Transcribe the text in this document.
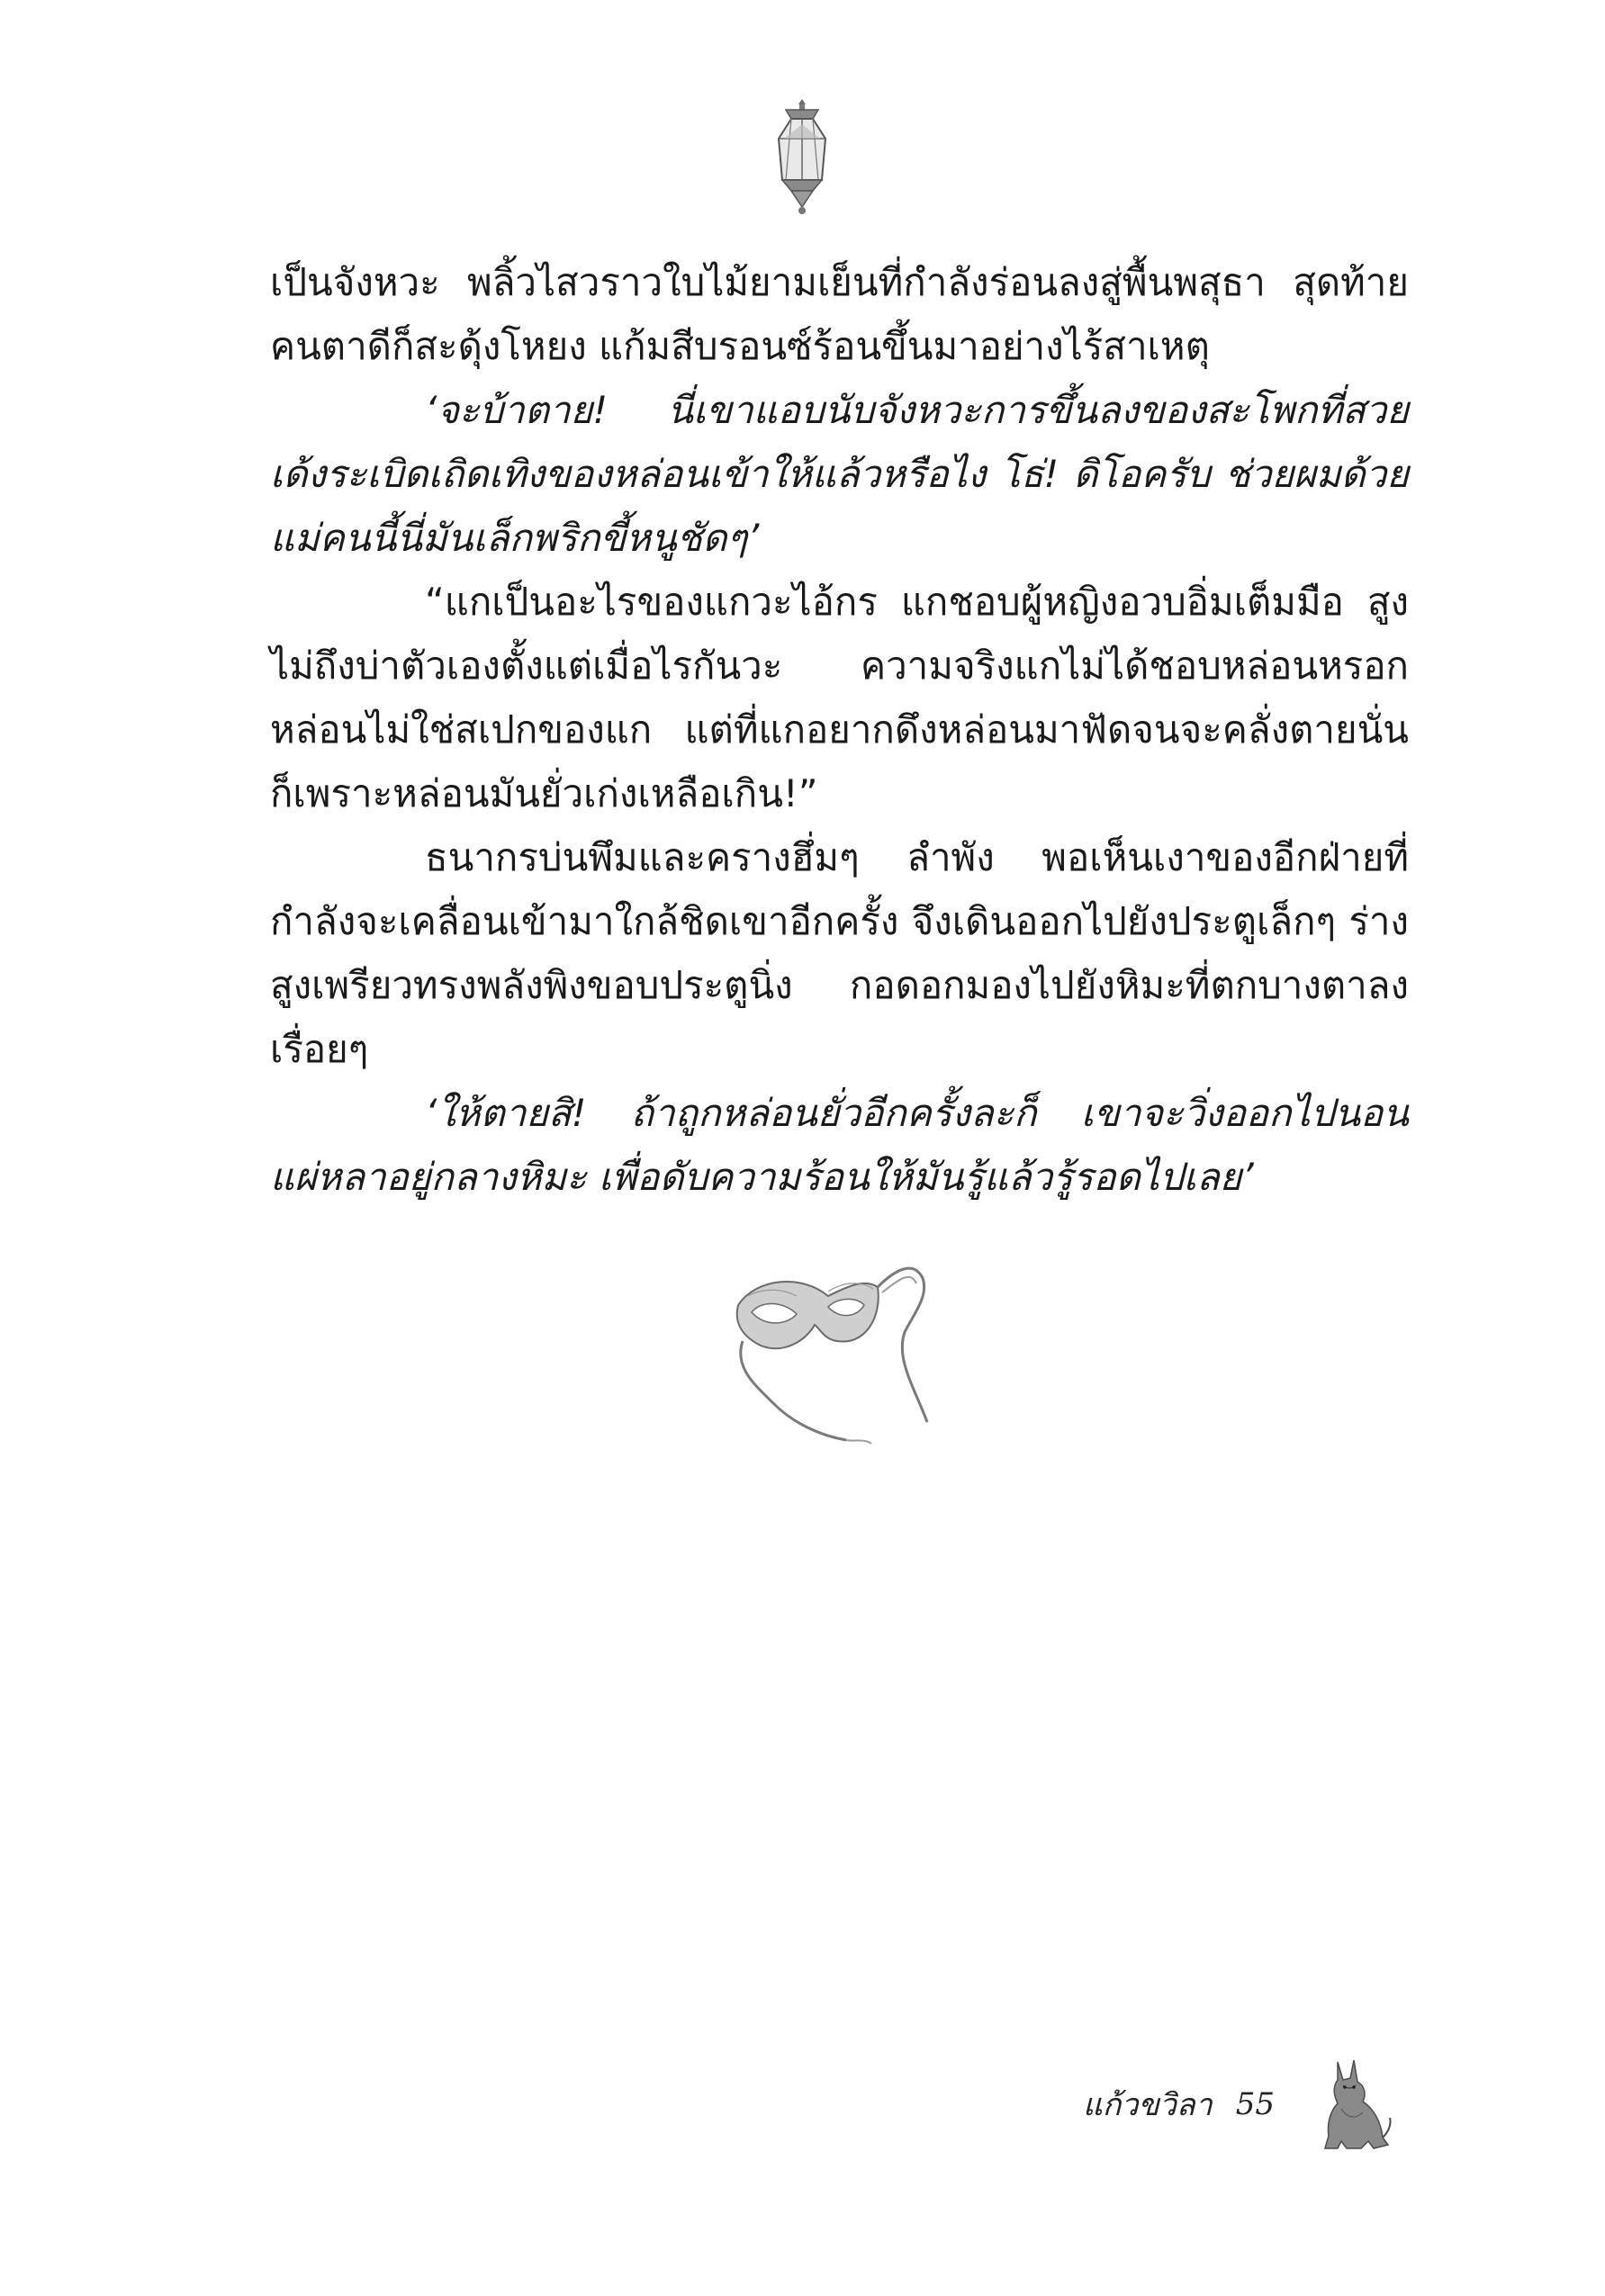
เป็นจังหวะ พลิ้วไสวราวใบไม้ยามเย็นที่กำลังร่อนลงสู่พื้นพสุธา สุดท้าย คนตาดีก็สะดุ้งโหยง แก้มสีบรอนซ์ร้อนขึ้นมาอย่างไร้สาเหตุ

‘จะบ้าตาย! นี่เขาแอบนับจังหวะการขึ้นลงของสะโพกที่สวยเด้งระเบิดเถิดเทิงของหล่อนเข้าให้แล้วหรือไง โธ่! ดิโอครับ ช่วยผมด้วย แม่คนนี้นี่มันเล็กพริกขี้หนูชัดๆ’

“แกเป็นอะไรของแกวะไอ้กร แกชอบผู้หญิงอวบอิ่มเต็มมือ สูงไม่ถึงบ่าตัวเองตั้งแต่เมื่อไรกันวะ ความจริงแกไม่ได้ชอบหล่อนหรอก หล่อนไม่ใช่สเปกของแก แต่ที่แกอยากดึงหล่อนมาฟัดจนจะคลั่งตายนั่นก็เพราะหล่อนมันยั่วเก่งเหลือเกิน!”

ธนากรบ่นพึมและครางฮึ่มๆ ลำพัง พอเห็นเงาของอีกฝ่ายที่กำลังจะเคลื่อนเข้ามาใกล้ชิดเขาอีกครั้ง จึงเดินออกไปยังประตูเล็กๆ ร่างสูงเพรียวทรงพลังพิงขอบประตูนิ่ง กอดอกมองไปยังหิมะที่ตกบางตาลงเรื่อยๆ

‘ให้ตายสิ! ถ้าถูกหล่อนยั่วอีกครั้งละก็ เขาจะวิ่งออกไปนอนแผ่หลาอยู่กลางหิมะ เพื่อดับความร้อนให้มันรู้แล้วรู้รอดไปเลย’

แก้วขวิลา 55
